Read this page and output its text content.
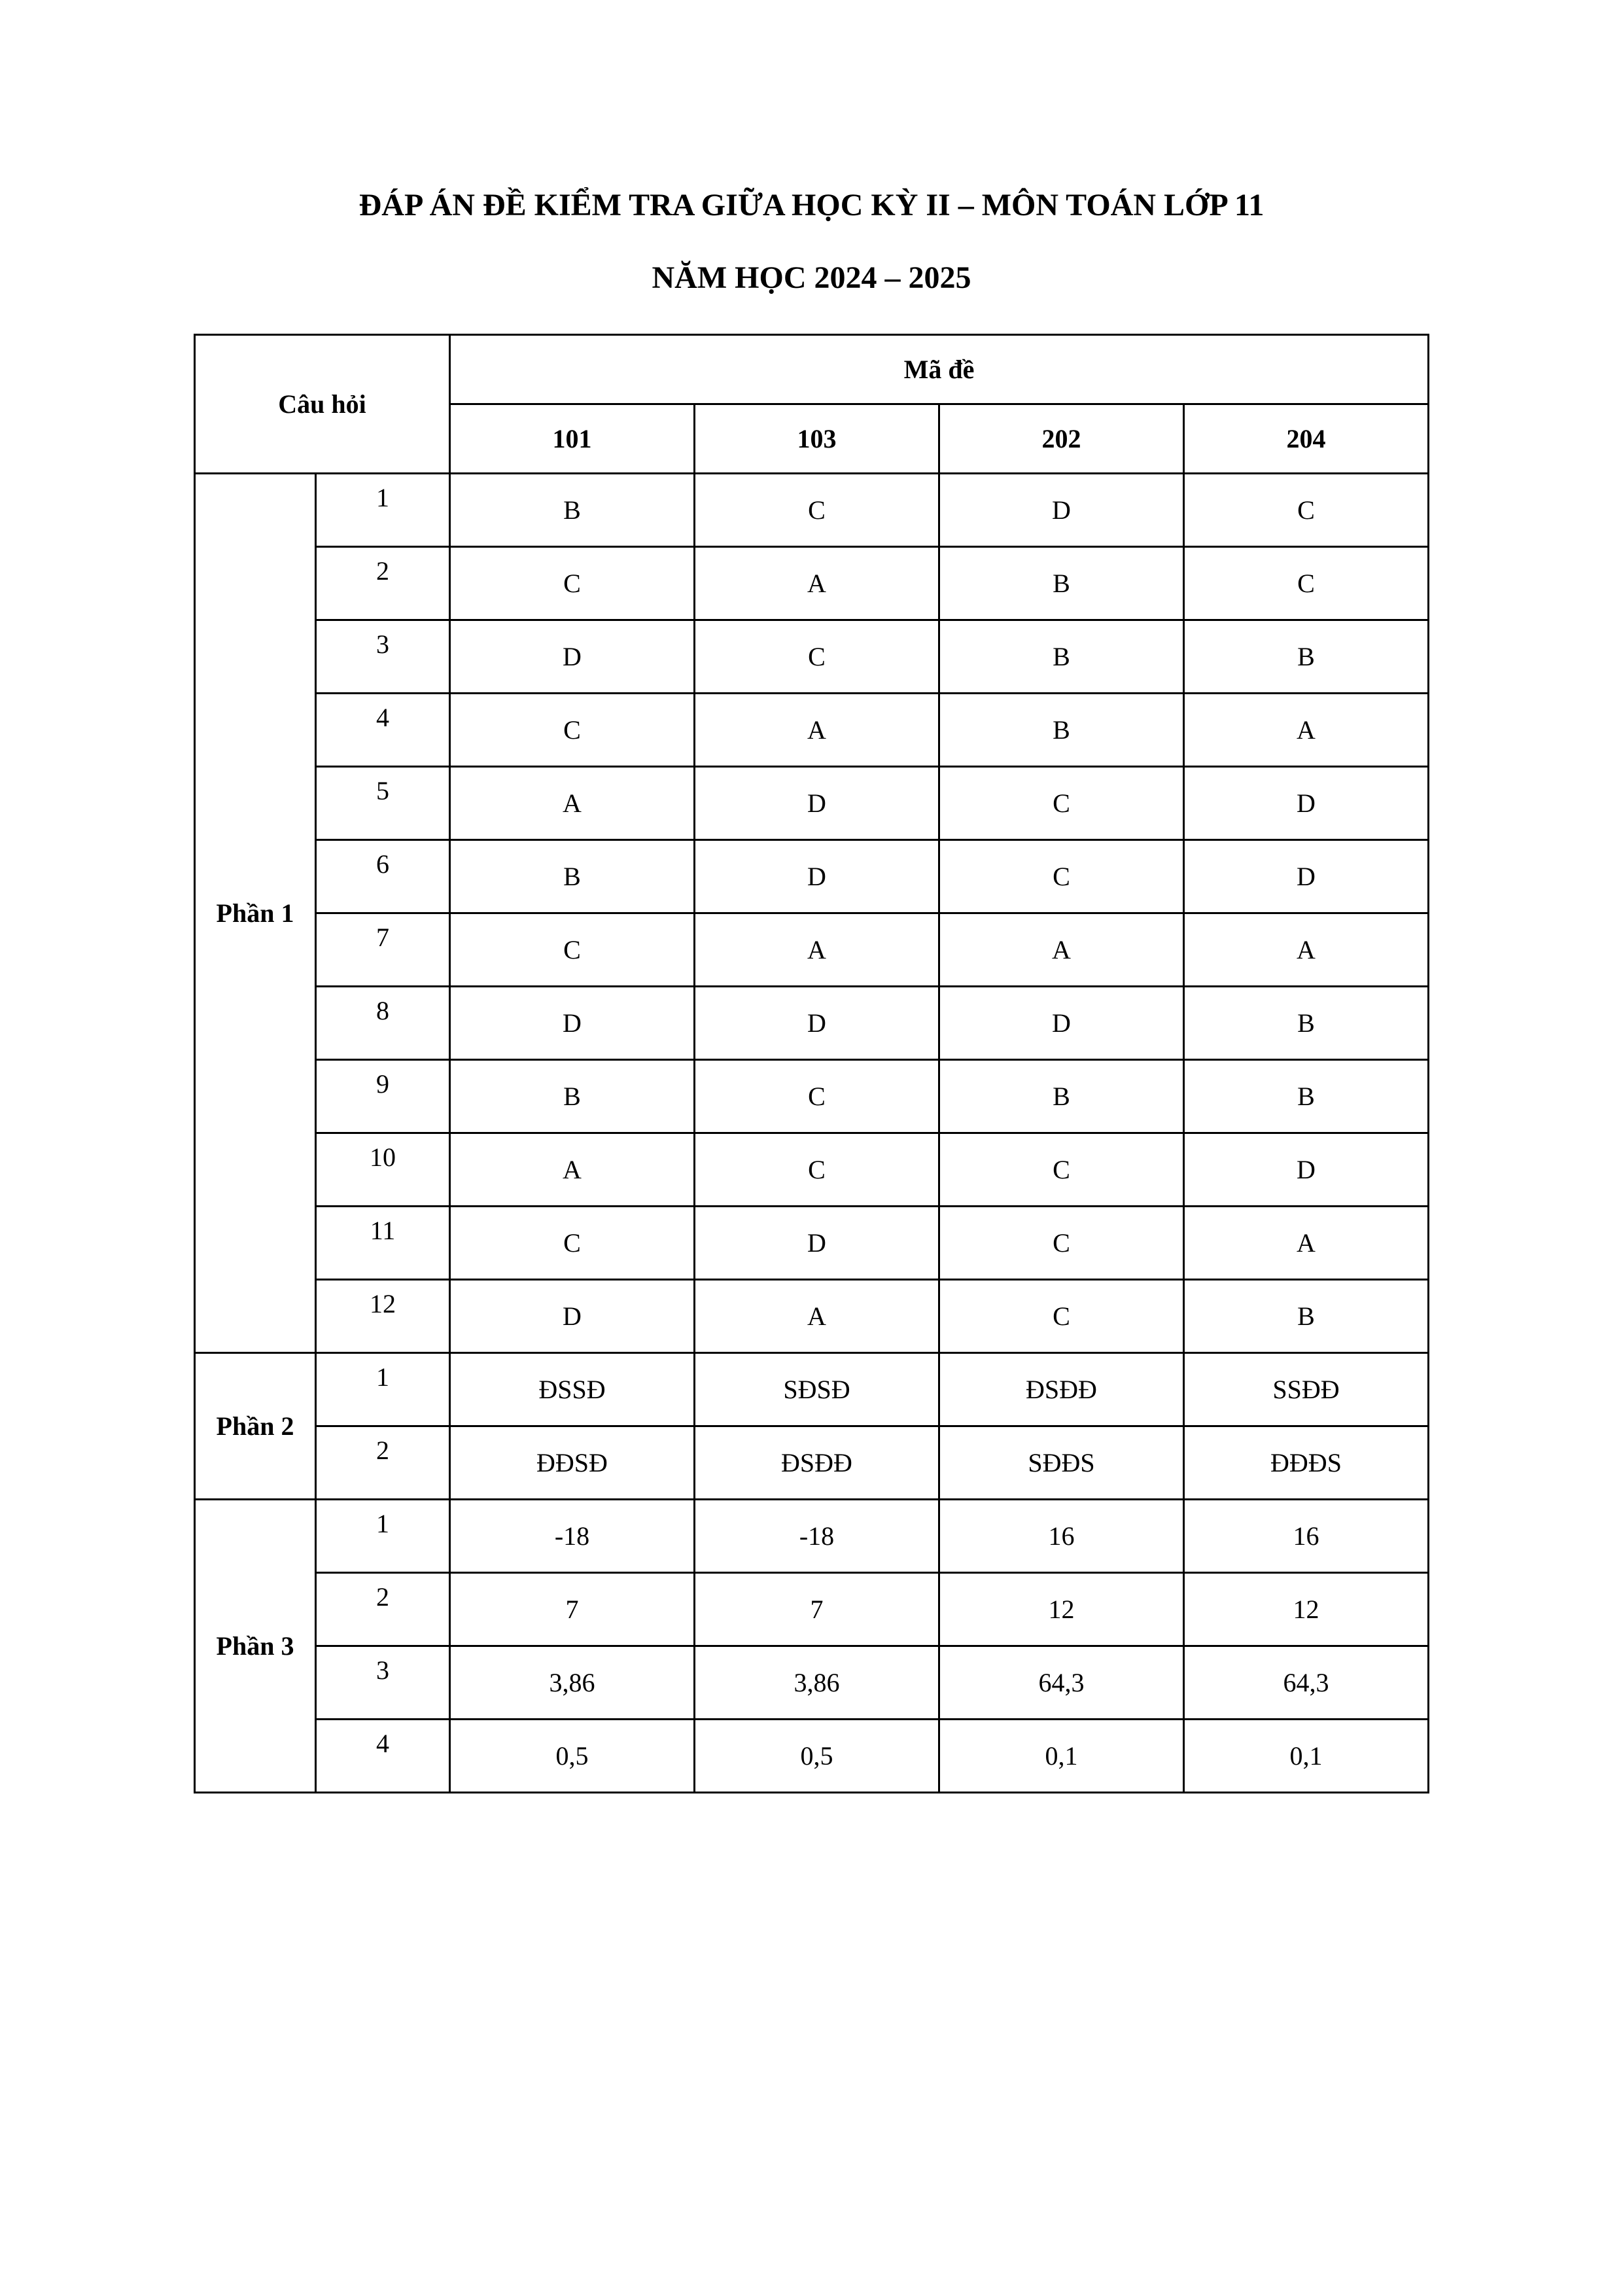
ĐÁP ÁN ĐỀ KIỂM TRA GIỮA HỌC KỲ II – MÔN TOÁN LỚP 11
NĂM HỌC 2024 – 2025
Câu hỏi		Mã đề			
		101	103	202	204
Phần 1	1	B	C	D	C
	2	C	A	B	C
	3	D	C	B	B
	4	C	A	B	A
	5	A	D	C	D
	6	B	D	C	D
	7	C	A	A	A
	8	D	D	D	B
	9	B	C	B	B
	10	A	C	C	D
	11	C	D	C	A
	12	D	A	C	B
Phần 2	1	ĐSSĐ	SĐSĐ	ĐSĐĐ	SSĐĐ
	2	ĐĐSĐ	ĐSĐĐ	SĐĐS	ĐĐĐS
Phần 3	1	-18	-18	16	16
	2	7	7	12	12
	3	3,86	3,86	64,3	64,3
	4	0,5	0,5	0,1	0,1
